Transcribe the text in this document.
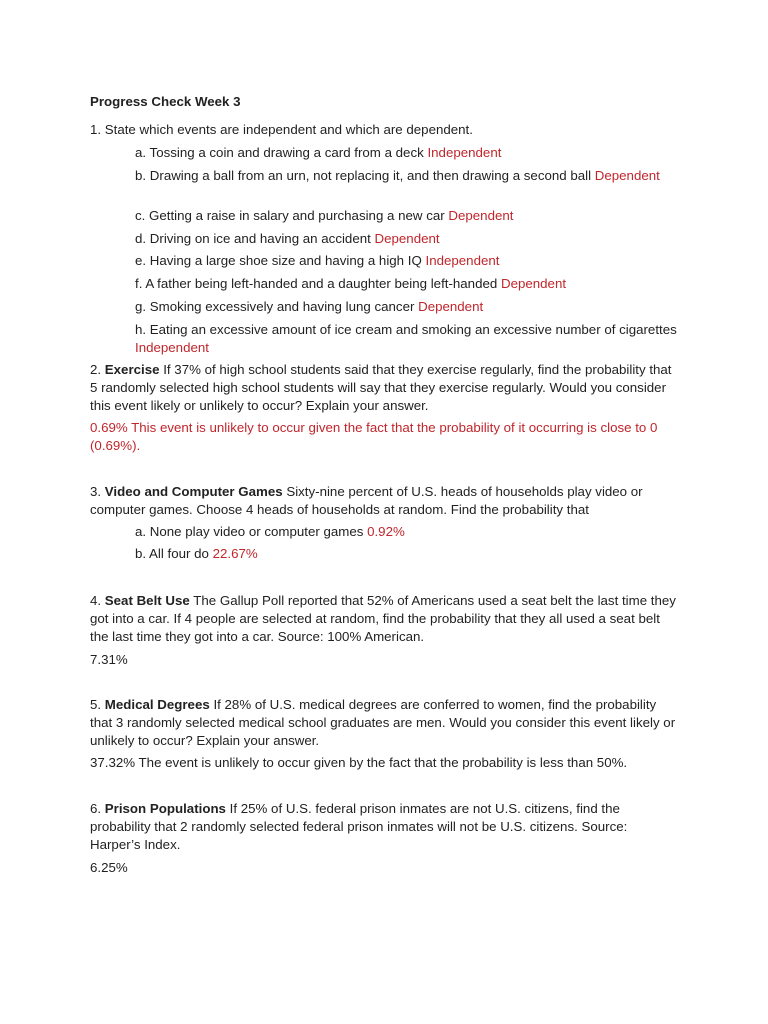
Progress Check Week 3
1. State which events are independent and which are dependent.
a. Tossing a coin and drawing a card from a deck Independent
b. Drawing a ball from an urn, not replacing it, and then drawing a second ball Dependent
c. Getting a raise in salary and purchasing a new car Dependent
d. Driving on ice and having an accident Dependent
e. Having a large shoe size and having a high IQ Independent
f. A father being left-handed and a daughter being left-handed Dependent
g. Smoking excessively and having lung cancer Dependent
h. Eating an excessive amount of ice cream and smoking an excessive number of cigarettes Independent
2. Exercise If 37% of high school students said that they exercise regularly, find the probability that 5 randomly selected high school students will say that they exercise regularly. Would you consider this event likely or unlikely to occur? Explain your answer.
0.69% This event is unlikely to occur given the fact that the probability of it occurring is close to 0 (0.69%).
3. Video and Computer Games Sixty-nine percent of U.S. heads of households play video or computer games. Choose 4 heads of households at random. Find the probability that
a. None play video or computer games 0.92%
b. All four do 22.67%
4. Seat Belt Use The Gallup Poll reported that 52% of Americans used a seat belt the last time they got into a car. If 4 people are selected at random, find the probability that they all used a seat belt the last time they got into a car. Source: 100% American.
7.31%
5. Medical Degrees If 28% of U.S. medical degrees are conferred to women, find the probability that 3 randomly selected medical school graduates are men. Would you consider this event likely or unlikely to occur? Explain your answer.
37.32% The event is unlikely to occur given by the fact that the probability is less than 50%.
6. Prison Populations If 25% of U.S. federal prison inmates are not U.S. citizens, find the probability that 2 randomly selected federal prison inmates will not be U.S. citizens. Source: Harper’s Index.
6.25%
